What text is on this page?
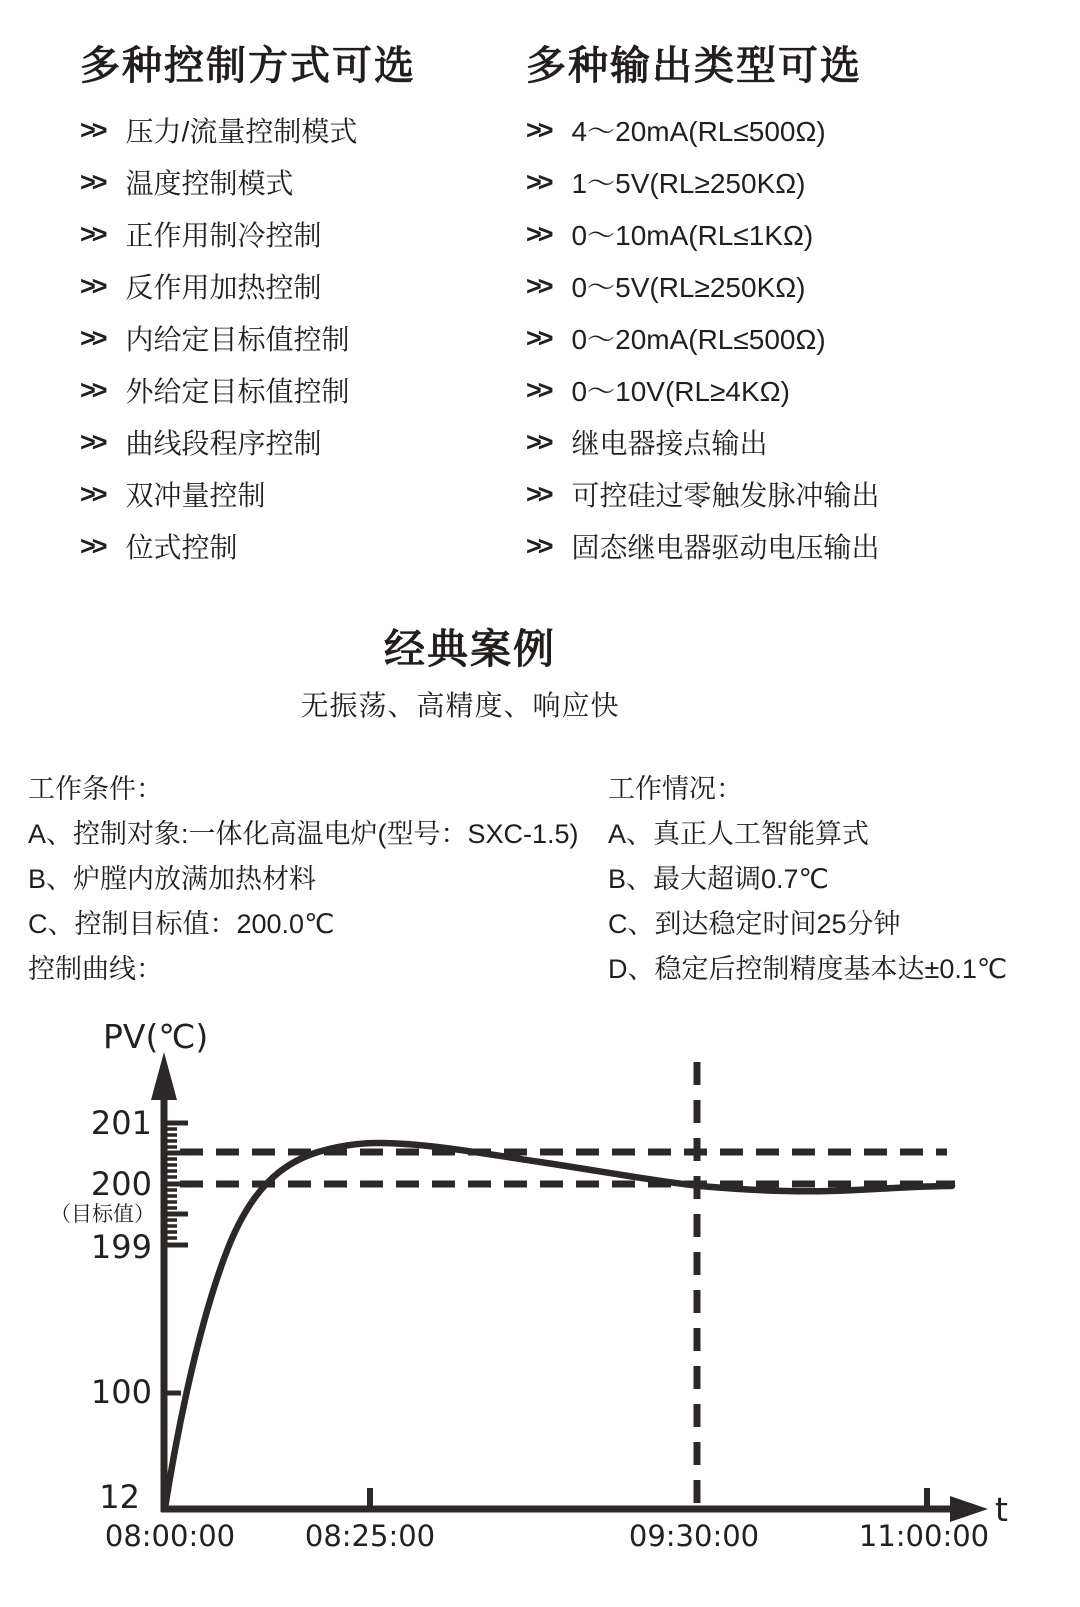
多种控制方式可选
>> 压力/流量控制模式
>> 温度控制模式
>> 正作用制冷控制
>> 反作用加热控制
>> 内给定目标值控制
>> 外给定目标值控制
>> 曲线段程序控制
>> 双冲量控制
>> 位式控制
多种输出类型可选
>> 4～20mA(RL≤500Ω)
>> 1～5V(RL≥250KΩ)
>> 0～10mA(RL≤1KΩ)
>> 0～5V(RL≥250KΩ)
>> 0～20mA(RL≤500Ω)
>> 0～10V(RL≥4KΩ)
>> 继电器接点输出
>> 可控硅过零触发脉冲输出
>> 固态继电器驱动电压输出
经典案例
无振荡、高精度、响应快
工作条件：
A、控制对象:一体化高温电炉(型号：SXC-1.5)
B、炉膛内放满加热材料
C、控制目标值：200.0℃
控制曲线：
工作情况：
A、真正人工智能算式
B、最大超调0.7℃
C、到达稳定时间25分钟
D、稳定后控制精度基本达±0.1℃
PV(℃)
t
201
200
（目标值）
199
100
12
08:00:00 08:25:00	09:30:00	11:00:00
